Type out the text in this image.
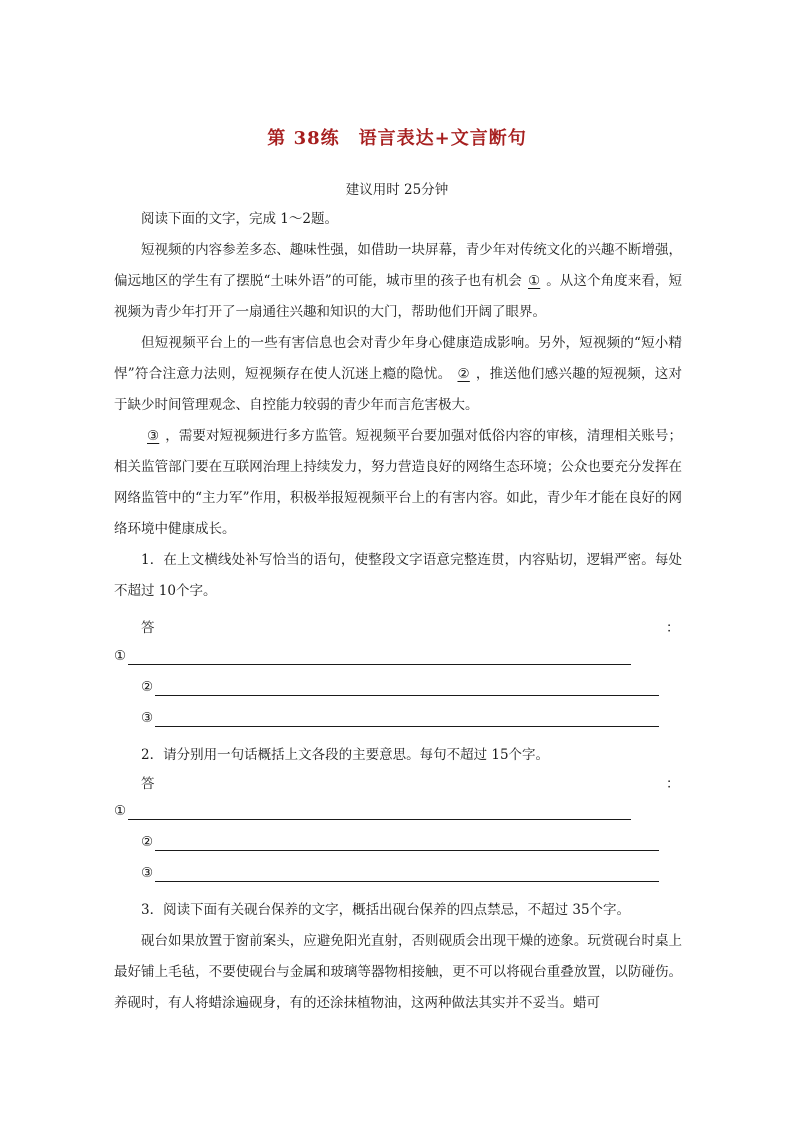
第 38练　语言表达+文言断句
建议用时 25分钟

阅读下面的文字，完成 1～2题。

短视频的内容参差多态、趣味性强，如借助一块屏幕，青少年对传统文化的兴趣不断增强，偏远地区的学生有了摆脱“土味外语”的可能，城市里的孩子也有机会 ① 。从这个角度来看，短视频为青少年打开了一扇通往兴趣和知识的大门，帮助他们开阔了眼界。

但短视频平台上的一些有害信息也会对青少年身心健康造成影响。另外，短视频的“短小精悍”符合注意力法则，短视频存在使人沉迷上瘾的隐忧。 ② ，推送他们感兴趣的短视频，这对于缺少时间管理观念、自控能力较弱的青少年而言危害极大。

③ ，需要对短视频进行多方监管。短视频平台要加强对低俗内容的审核，清理相关账号；相关监管部门要在互联网治理上持续发力，努力营造良好的网络生态环境；公众也要充分发挥在网络监管中的“主力军”作用，积极举报短视频平台上的有害内容。如此，青少年才能在良好的网络环境中健康成长。

1．在上文横线处补写恰当的语句，使整段文字语意完整连贯，内容贴切，逻辑严密。每处不超过 10个字。

答	：
①
②
③

2．请分别用一句话概括上文各段的主要意思。每句不超过 15个字。

答	：
①
②
③

3．阅读下面有关砚台保养的文字，概括出砚台保养的四点禁忌，不超过 35个字。

砚台如果放置于窗前案头，应避免阳光直射，否则砚质会出现干燥的迹象。玩赏砚台时桌上最好铺上毛毡，不要使砚台与金属和玻璃等器物相接触，更不可以将砚台重叠放置，以防碰伤。养砚时，有人将蜡涂遍砚身，有的还涂抹植物油，这两种做法其实并不妥当。蜡可
